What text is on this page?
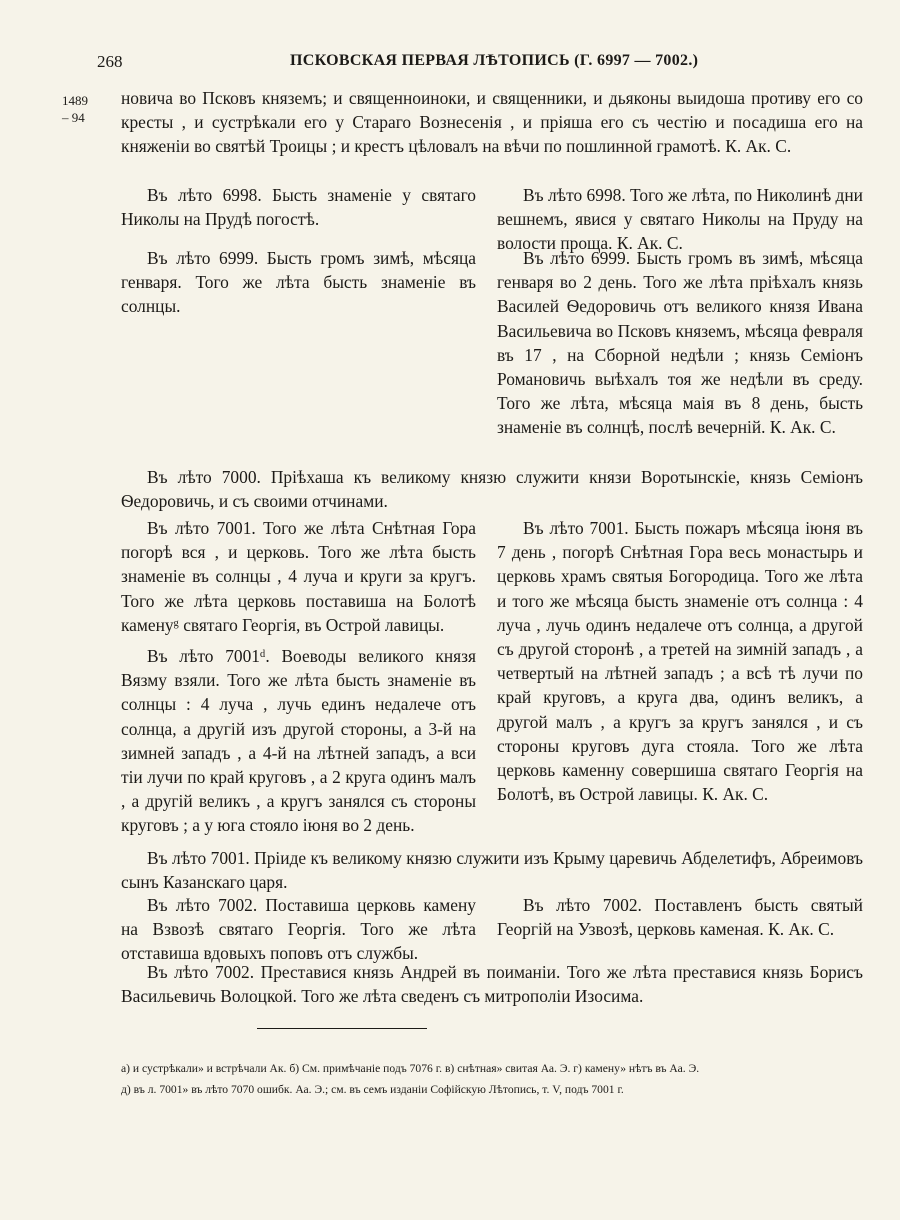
268	ПСКОВСКАЯ ПЕРВАЯ ЛѢТОПИСЬ (Г. 6997 — 7002.)
1489
– 94

новича во Псковъ княземъ; и священноиноки, и священники, и дьяконы выидоша противу его со кресты , и сустрѣкали его у Стараго Вознесенія , и пріяша его съ честію и посадиша его на княженіи во святѣй Троицы ; и крестъ цѣловалъ на вѣчи по пошлинной грамотѣ. К. Ак. С.

Въ лѣто 6998. Бысть знаменіе у святаго Николы на Прудѣ погостѣ.

Въ лѣто 6999. Бысть громъ зимѣ, мѣсяца генваря. Того же лѣта бысть знаменіе въ солнцы.

Въ лѣто 6998. Того же лѣта, по Николинѣ дни вешнемъ, явися у святаго Николы на Пруду на волости проща. К. Ак. С.

Въ лѣто 6999. Бысть громъ въ зимѣ, мѣсяца генваря во 2 день. Того же лѣта пріѣхалъ князь Василей Ѳедоровичь отъ великого князя Ивана Васильевича во Псковъ княземъ, мѣсяца февраля въ 17 , на Сборной недѣли ; князь Семіонъ Романовичь выѣхалъ тоя же недѣли въ среду. Того же лѣта, мѣсяца маія въ 8 день, бысть знаменіе въ солнцѣ, послѣ вечерній. К. Ак. С.

Въ лѣто 7000. Пріѣхаша къ великому князю служити князи Воротынскіе, князь Семіонъ Ѳедоровичь, и съ своими отчинами.

Въ лѣто 7001. Того же лѣта Снѣтная Гора погорѣ вся , и церковь. Того же лѣта бысть знаменіе въ солнцы , 4 луча и круги за кругъ. Того же лѣта церковь поставиша на Болотѣ каменуᵍ святаго Георгія, въ Острой лавицы.

Въ лѣто 7001ᵈ. Воеводы великого князя Вязму взяли. Того же лѣта бысть знаменіе въ солнцы : 4 луча , лучь единъ недалече отъ солнца, а другій изъ другой стороны, а 3-й на зимней западъ , а 4-й на лѣтней западъ, а вси тіи лучи по край круговъ , а 2 круга одинъ малъ , а другій великъ , а кругъ занялся съ стороны круговъ ; а у юга стояло іюня во 2 день.

Въ лѣто 7001. Бысть пожаръ мѣсяца іюня въ 7 день , погорѣ Снѣтная Гора весь монастырь и церковь храмъ святыя Богородица. Того же лѣта и того же мѣсяца бысть знаменіе отъ солнца : 4 луча , лучь одинъ недалече отъ солнца, а другой съ другой сторонѣ , а третей на зимній западъ , а четвертый на лѣтней западъ ; а всѣ тѣ лучи по край круговъ, а круга два, одинъ великъ, а другой малъ , а кругъ за кругъ занялся , и съ стороны круговъ дуга стояла. Того же лѣта церковь каменну совершиша святаго Георгія на Болотѣ, въ Острой лавицы. К. Ак. С.

Въ лѣто 7001. Пріиде къ великому князю служити изъ Крыму царевичь Абделетифъ, Абреимовъ сынъ Казанскаго царя.

Въ лѣто 7002. Поставиша церковь камену на Взвозѣ святаго Георгія. Того же лѣта отставиша вдовыхъ поповъ отъ службы.

Въ лѣто 7002. Поставленъ бысть святый Георгій на Узвозѣ, церковь каменая. К. Ак. С.

Въ лѣто 7002. Преставися князь Андрей въ поиманіи. Того же лѣта преставися князь Борисъ Васильевичь Волоцкой. Того же лѣта сведенъ съ митрополіи Изосима.

а) и сустрѣкали» и встрѣчали Ак. б) См. примѣчаніе подъ 7076 г. в) снѣтная» свитая Аа. Э. г) камену» нѣтъ въ Аа. Э.

д) въ л. 7001» въ лѣто 7070 ошибк. Аа. Э.; см. въ семъ изданіи Софійскую Лѣтопись, т. V, подъ 7001 г.
